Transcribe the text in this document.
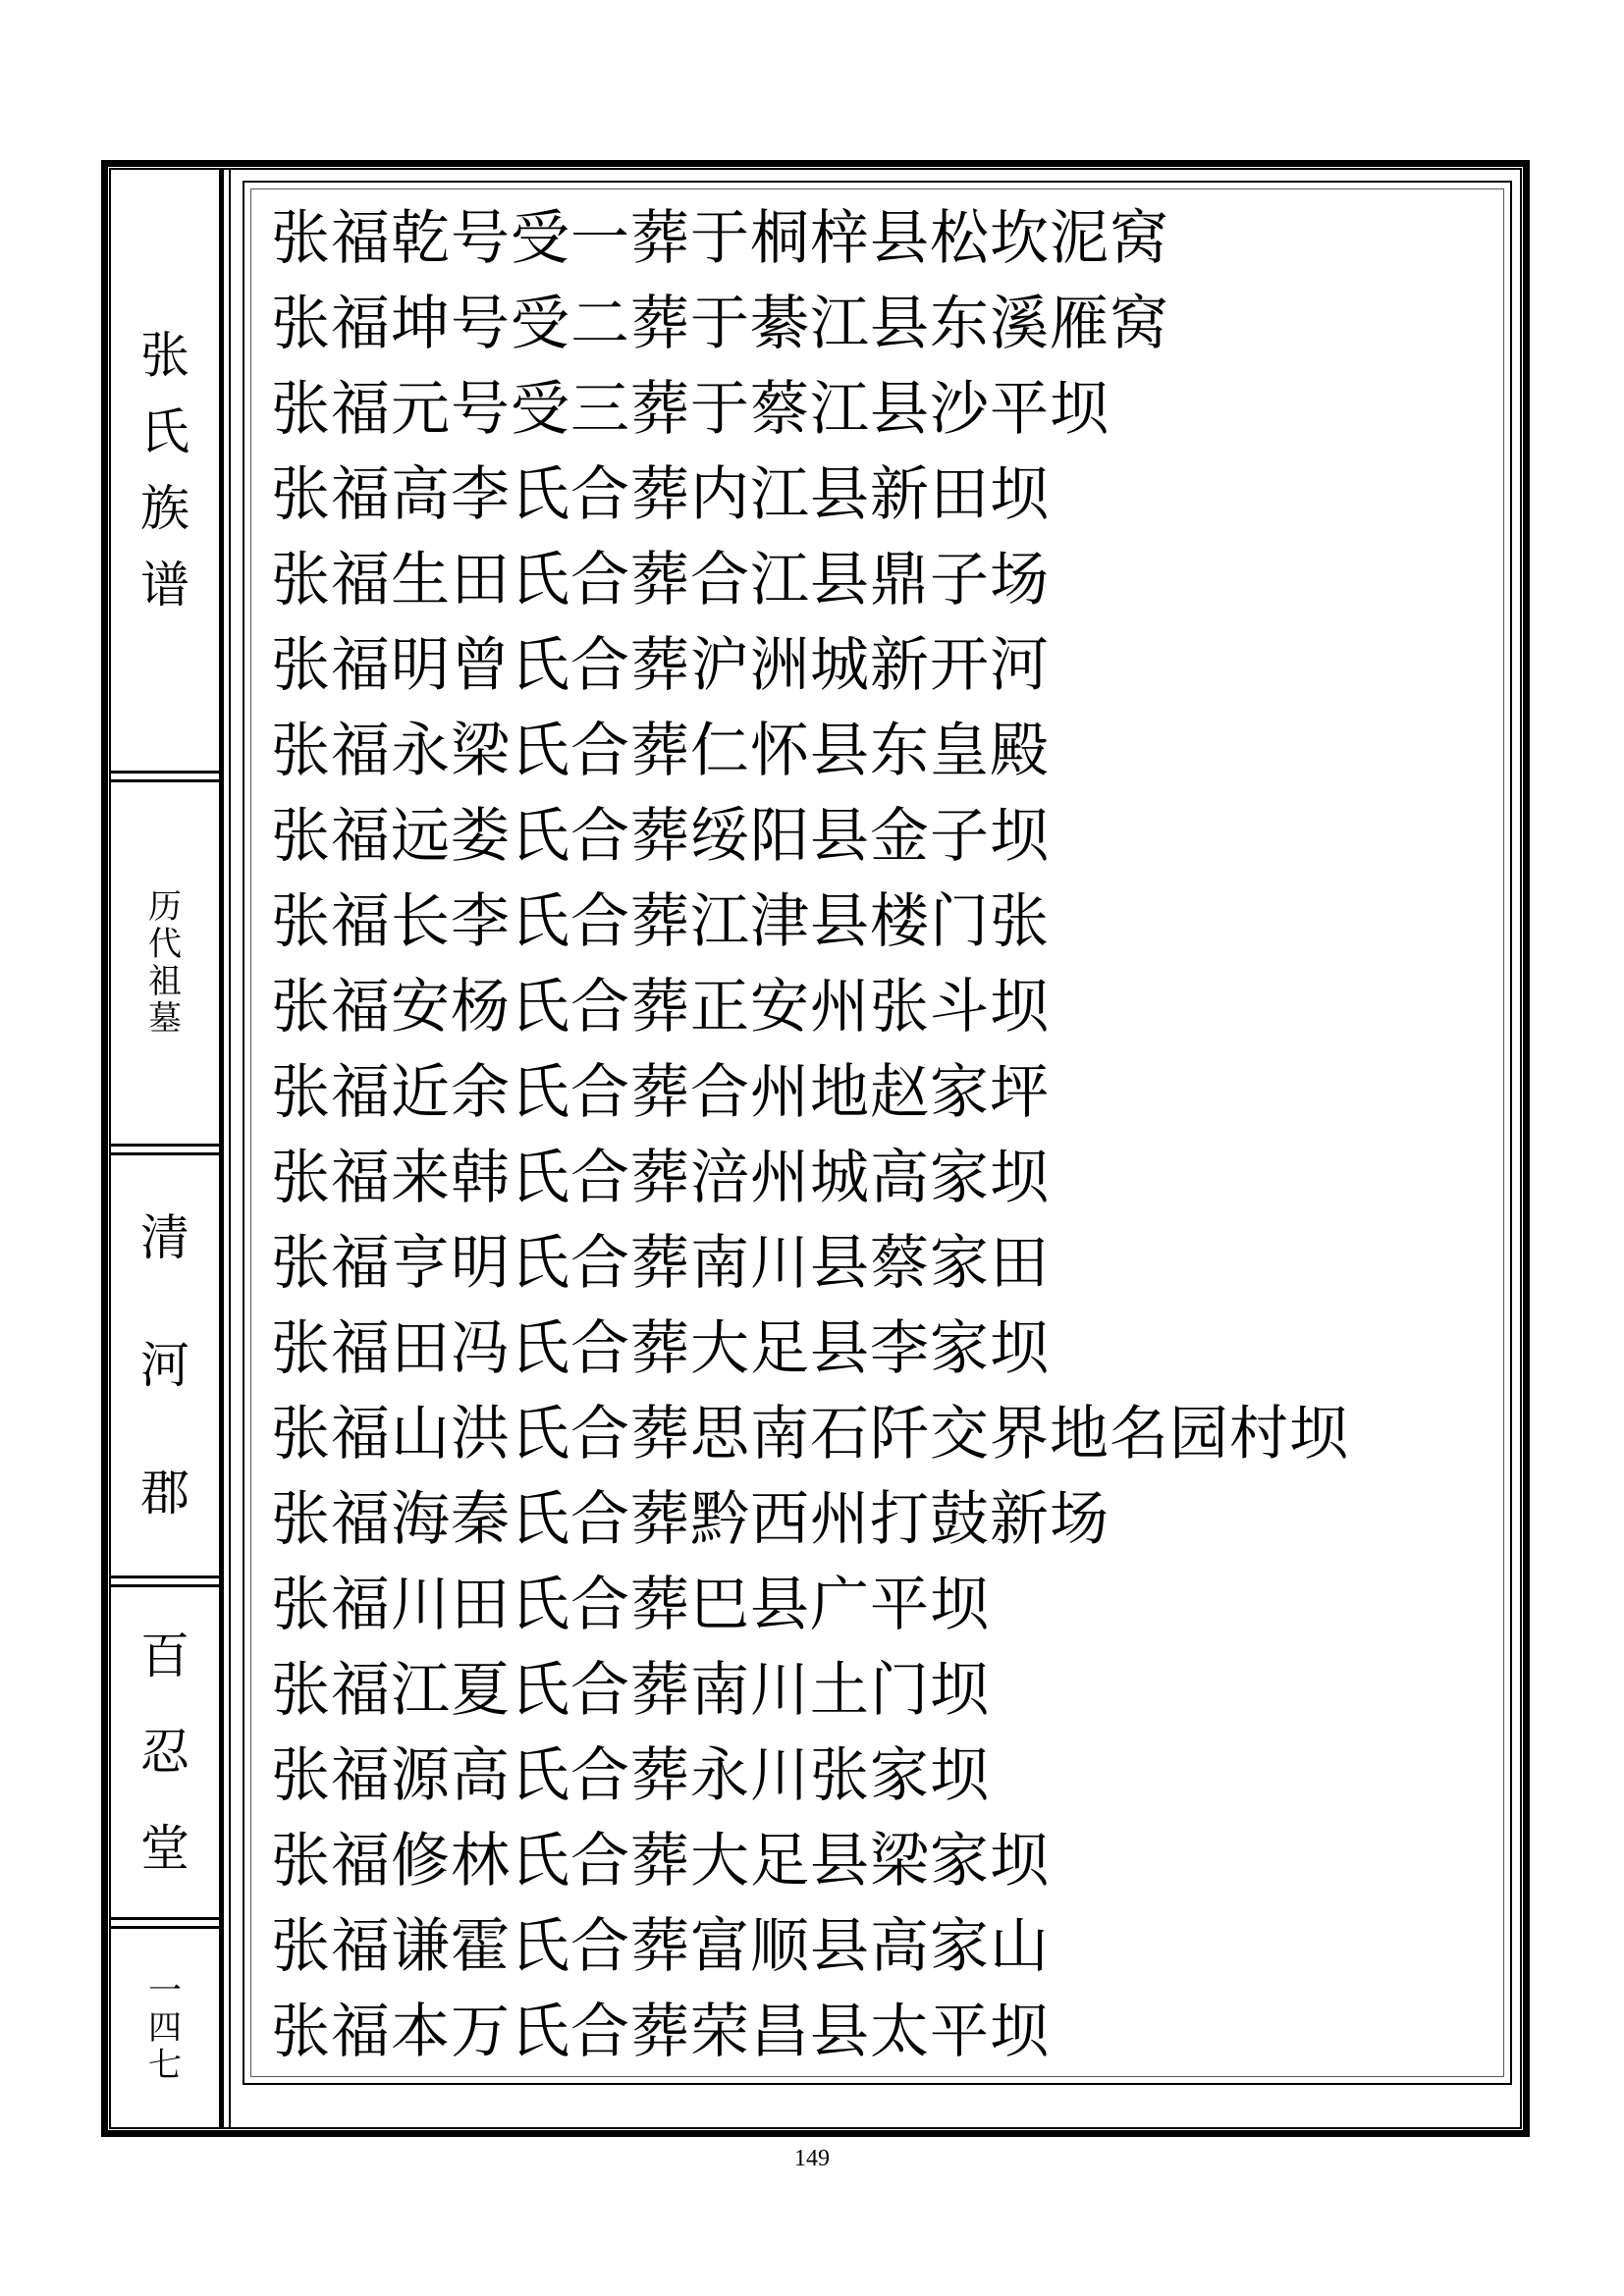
张
氏
族
谱
历
代
祖
墓
清
河
郡
百
忍
堂
一
四
七
张福乾号受一葬于桐梓县松坎泥窝
张福坤号受二葬于綦江县东溪雁窝
张福元号受三葬于蔡江县沙平坝
张福高李氏合葬内江县新田坝
张福生田氏合葬合江县鼎子场
张福明曾氏合葬沪洲城新开河
张福永梁氏合葬仁怀县东皇殿
张福远娄氏合葬绥阳县金子坝
张福长李氏合葬江津县楼门张
张福安杨氏合葬正安州张斗坝
张福近余氏合葬合州地赵家坪
张福来韩氏合葬涪州城高家坝
张福亨明氏合葬南川县蔡家田
张福田冯氏合葬大足县李家坝
张福山洪氏合葬思南石阡交界地名园村坝
张福海秦氏合葬黔西州打鼓新场
张福川田氏合葬巴县广平坝
张福江夏氏合葬南川土门坝
张福源高氏合葬永川张家坝
张福修林氏合葬大足县梁家坝
张福谦霍氏合葬富顺县高家山
张福本万氏合葬荣昌县太平坝
149
